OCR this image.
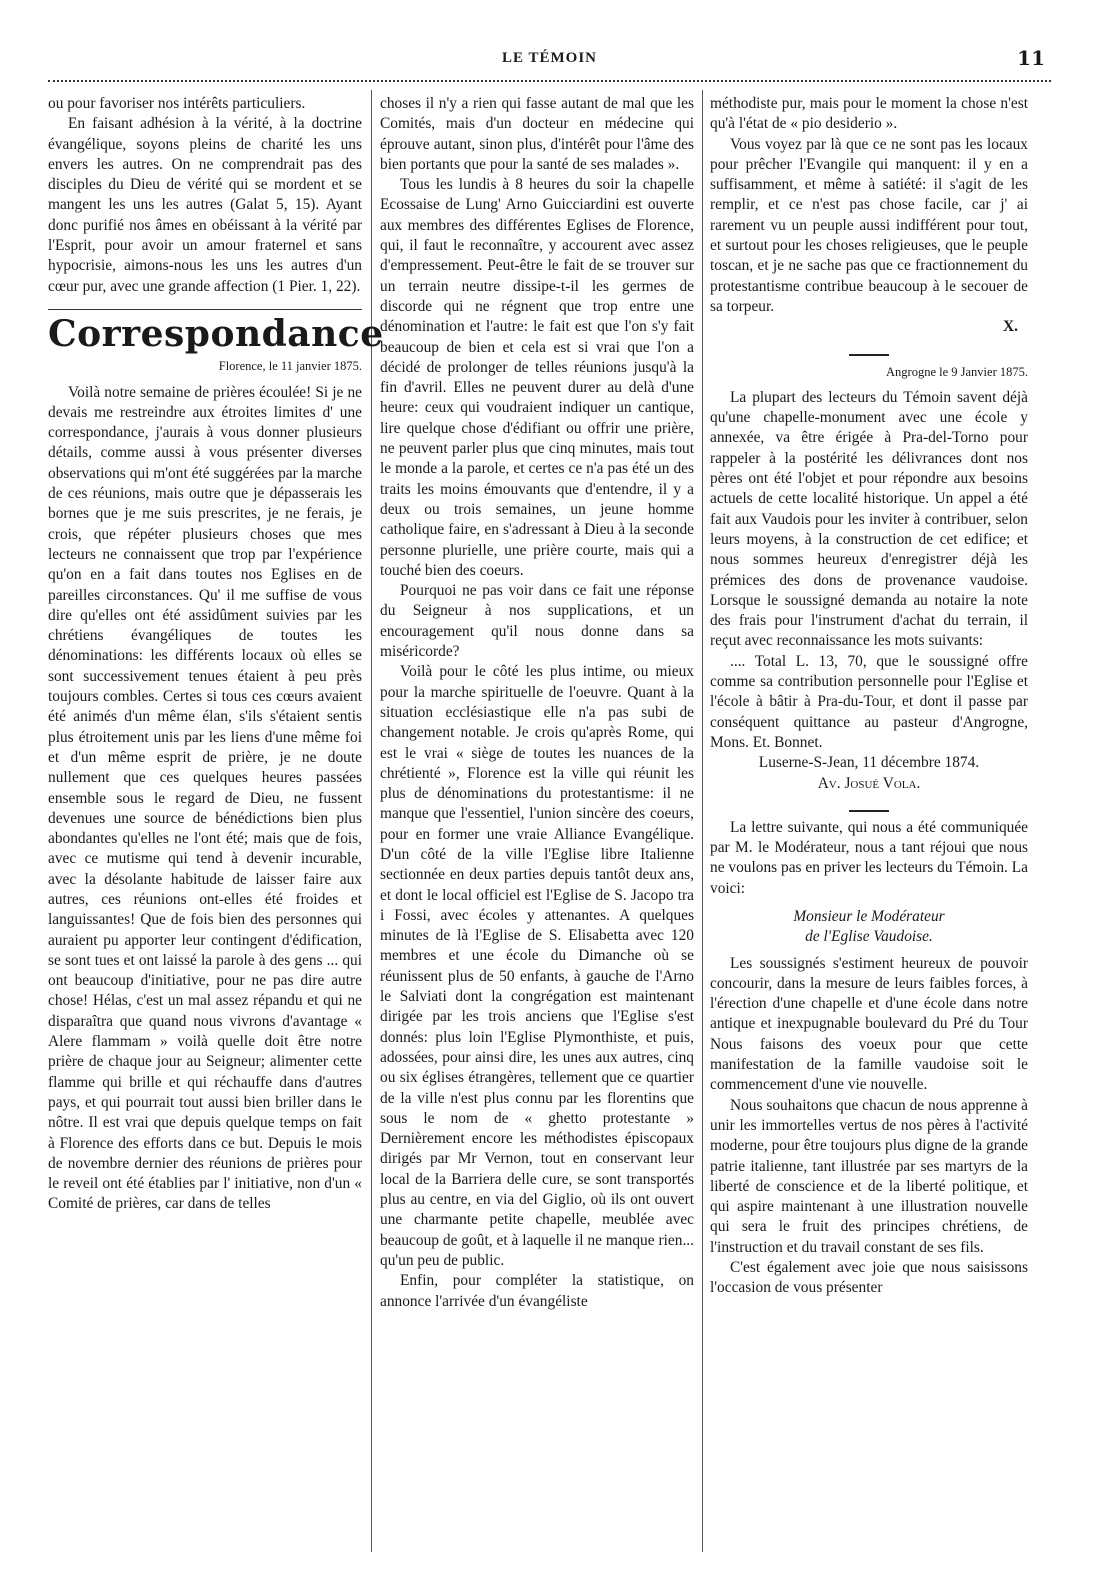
LE TÉMOIN	11

ou pour favoriser nos intérêts particuliers.

En faisant adhésion à la vérité, à la doctrine évangélique, soyons pleins de charité les uns envers les autres. On ne comprendrait pas des disciples du Dieu de vérité qui se mordent et se mangent les uns les autres (Galat 5, 15). Ayant donc purifié nos âmes en obéissant à la vérité par l'Esprit, pour avoir un amour fraternel et sans hypocrisie, aimons-nous les uns les autres d'un cœur pur, avec une grande affection (1 Pier. 1, 22).

Correspondance
Florence, le 11 janvier 1875.

Voilà notre semaine de prières écoulée! Si je ne devais me restreindre aux étroites limites d' une correspondance, j'aurais à vous donner plusieurs détails, comme aussi à vous présenter diverses observations qui m'ont été suggérées par la marche de ces réunions, mais outre que je dépasserais les bornes que je me suis prescrites, je ne ferais, je crois, que répéter plusieurs choses que mes lecteurs ne connaissent que trop par l'expérience qu'on en a fait dans toutes nos Eglises en de pareilles circonstances. Qu' il me suffise de vous dire qu'elles ont été assidûment suivies par les chrétiens évangéliques de toutes les dénominations: les différents locaux où elles se sont successivement tenues étaient à peu près toujours combles. Certes si tous ces cœurs avaient été animés d'un même élan, s'ils s'étaient sentis plus étroitement unis par les liens d'une même foi et d'un même esprit de prière, je ne doute nullement que ces quelques heures passées ensemble sous le regard de Dieu, ne fussent devenues une source de bénédictions bien plus abondantes qu'elles ne l'ont été; mais que de fois, avec ce mutisme qui tend à devenir incurable, avec la désolante habitude de laisser faire aux autres, ces réunions ont-elles été froides et languissantes! Que de fois bien des personnes qui auraient pu apporter leur contingent d'édification, se sont tues et ont laissé la parole à des gens ... qui ont beaucoup d'initiative, pour ne pas dire autre chose! Hélas, c'est un mal assez répandu et qui ne disparaîtra que quand nous vivrons d'avantage « Alere flammam » voilà quelle doit être notre prière de chaque jour au Seigneur; alimenter cette flamme qui brille et qui réchauffe dans d'autres pays, et qui pourrait tout aussi bien briller dans le nôtre. Il est vrai que depuis quelque temps on fait à Florence des efforts dans ce but. Depuis le mois de novembre dernier des réunions de prières pour le reveil ont été établies par l' initiative, non d'un « Comité de prières, car dans de telles

choses il n'y a rien qui fasse autant de mal que les Comités, mais d'un docteur en médecine qui éprouve autant, sinon plus, d'intérêt pour l'âme des bien portants que pour la santé de ses malades ».

Tous les lundis à 8 heures du soir la chapelle Ecossaise de Lung' Arno Guicciardini est ouverte aux membres des différentes Eglises de Florence, qui, il faut le reconnaître, y accourent avec assez d'empressement. Peut-être le fait de se trouver sur un terrain neutre dissipe-t-il les germes de discorde qui ne régnent que trop entre une dénomination et l'autre: le fait est que l'on s'y fait beaucoup de bien et cela est si vrai que l'on a décidé de prolonger de telles réunions jusqu'à la fin d'avril. Elles ne peuvent durer au delà d'une heure: ceux qui voudraient indiquer un cantique, lire quelque chose d'édifiant ou offrir une prière, ne peuvent parler plus que cinq minutes, mais tout le monde a la parole, et certes ce n'a pas été un des traits les moins émouvants que d'entendre, il y a deux ou trois semaines, un jeune homme catholique faire, en s'adressant à Dieu à la seconde personne plurielle, une prière courte, mais qui a touché bien des coeurs.

Pourquoi ne pas voir dans ce fait une réponse du Seigneur à nos supplications, et un encouragement qu'il nous donne dans sa miséricorde?

Voilà pour le côté les plus intime, ou mieux pour la marche spirituelle de l'oeuvre. Quant à la situation ecclésiastique elle n'a pas subi de changement notable. Je crois qu'après Rome, qui est le vrai « siège de toutes les nuances de la chrétienté », Florence est la ville qui réunit les plus de dénominations du protestantisme: il ne manque que l'essentiel, l'union sincère des coeurs, pour en former une vraie Alliance Evangélique. D'un côté de la ville l'Eglise libre Italienne sectionnée en deux parties depuis tantôt deux ans, et dont le local officiel est l'Eglise de S. Jacopo tra i Fossi, avec écoles y attenantes. A quelques minutes de là l'Eglise de S. Elisabetta avec 120 membres et une école du Dimanche où se réunissent plus de 50 enfants, à gauche de l'Arno le Salviati dont la congrégation est maintenant dirigée par les trois anciens que l'Eglise s'est donnés: plus loin l'Eglise Plymonthiste, et puis, adossées, pour ainsi dire, les unes aux autres, cinq ou six églises étrangères, tellement que ce quartier de la ville n'est plus connu par les florentins que sous le nom de « ghetto protestante » Dernièrement encore les méthodistes épiscopaux dirigés par Mr Vernon, tout en conservant leur local de la Barriera delle cure, se sont transportés plus au centre, en via del Giglio, où ils ont ouvert une charmante petite chapelle, meublée avec beaucoup de goût, et à laquelle il ne manque rien... qu'un peu de public.

Enfin, pour compléter la statistique, on annonce l'arrivée d'un évangéliste

méthodiste pur, mais pour le moment la chose n'est qu'à l'état de « pio desiderio ».

Vous voyez par là que ce ne sont pas les locaux pour prêcher l'Evangile qui manquent: il y en a suffisamment, et même à satiété: il s'agit de les remplir, et ce n'est pas chose facile, car j' ai rarement vu un peuple aussi indifférent pour tout, et surtout pour les choses religieuses, que le peuple toscan, et je ne sache pas que ce fractionnement du protestantisme contribue beaucoup à le secouer de sa torpeur.

X.
Angrogne le 9 Janvier 1875.

La plupart des lecteurs du Témoin savent déjà qu'une chapelle-monument avec une école y annexée, va être érigée à Pra-del-Torno pour rappeler à la postérité les délivrances dont nos pères ont été l'objet et pour répondre aux besoins actuels de cette localité historique. Un appel a été fait aux Vaudois pour les inviter à contribuer, selon leurs moyens, à la construction de cet edifice; et nous sommes heureux d'enregistrer déjà les prémices des dons de provenance vaudoise. Lorsque le soussigné demanda au notaire la note des frais pour l'instrument d'achat du terrain, il reçut avec reconnaissance les mots suivants:

.... Total L. 13, 70, que le soussigné offre comme sa contribution personnelle pour l'Eglise et l'école à bâtir à Pra-du-Tour, et dont il passe par conséquent quittance au pasteur d'Angrogne, Mons. Et. Bonnet.

Luserne-S-Jean, 11 décembre 1874.
Av. Josué Vola.

La lettre suivante, qui nous a été communiquée par M. le Modérateur, nous a tant réjoui que nous ne voulons pas en priver les lecteurs du Témoin. La voici:

Monsieur le Modérateur
de l'Eglise Vaudoise.

Les soussignés s'estiment heureux de pouvoir concourir, dans la mesure de leurs faibles forces, à l'érection d'une chapelle et d'une école dans notre antique et inexpugnable boulevard du Pré du Tour Nous faisons des voeux pour que cette manifestation de la famille vaudoise soit le commencement d'une vie nouvelle.

Nous souhaitons que chacun de nous apprenne à unir les immortelles vertus de nos pères à l'activité moderne, pour être toujours plus digne de la grande patrie italienne, tant illustrée par ses martyrs de la liberté de conscience et de la liberté politique, et qui aspire maintenant à une illustration nouvelle qui sera le fruit des principes chrétiens, de l'instruction et du travail constant de ses fils.

C'est également avec joie que nous saisissons l'occasion de vous présenter
